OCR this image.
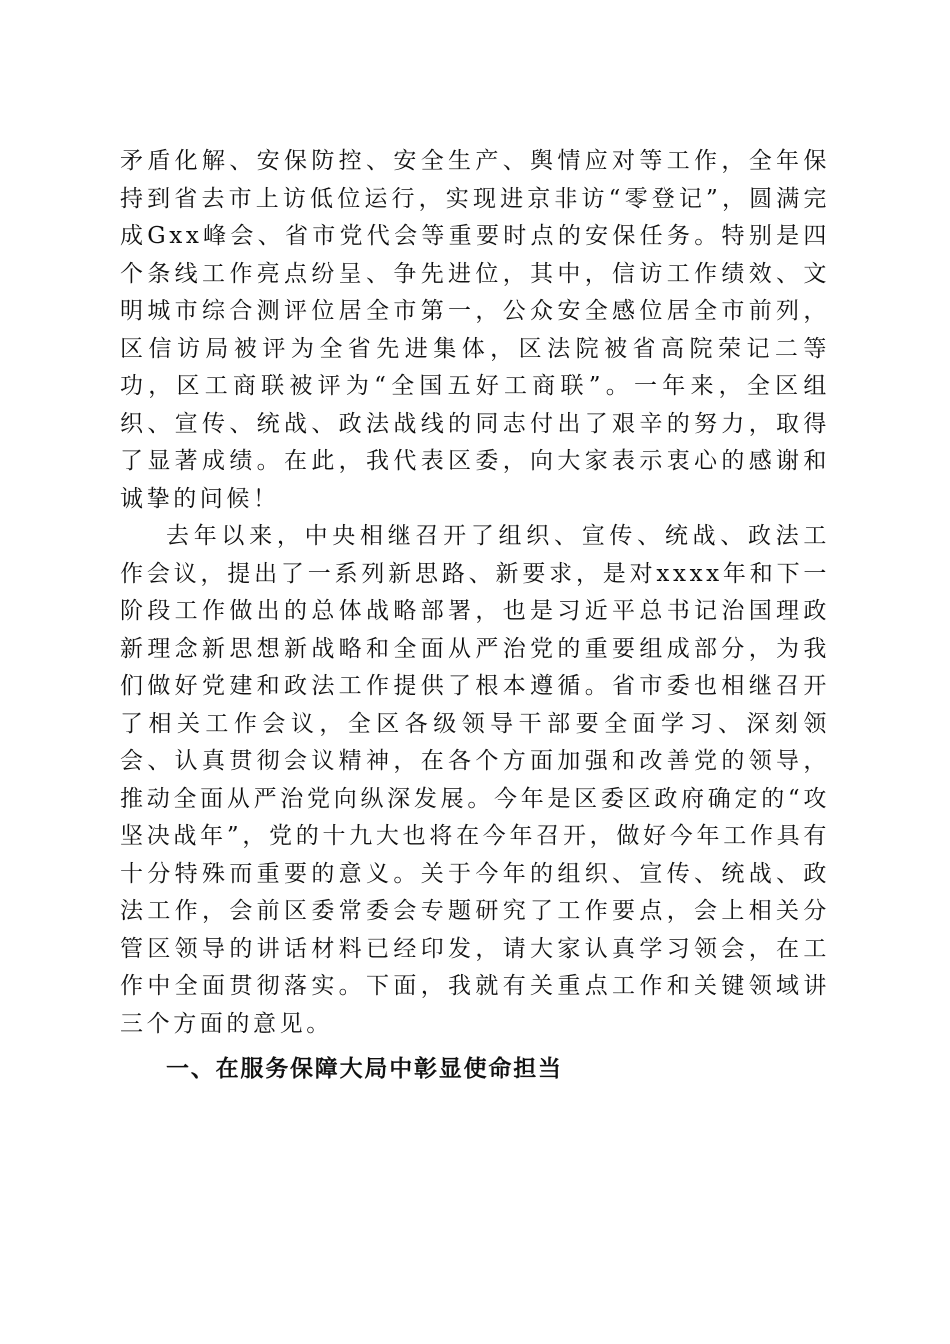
矛盾化解、安保防控、安全生产、舆情应对等工作，全年保持到省去市上访低位运行，实现进京非访“零登记”，圆满完成Gxx峰会、省市党代会等重要时点的安保任务。特别是四个条线工作亮点纷呈、争先进位，其中，信访工作绩效、文明城市综合测评位居全市第一，公众安全感位居全市前列，区信访局被评为全省先进集体，区法院被省高院荣记二等功，区工商联被评为“全国五好工商联”。一年来，全区组织、宣传、统战、政法战线的同志付出了艰辛的努力，取得了显著成绩。在此，我代表区委，向大家表示衷心的感谢和诚挚的问候！

去年以来，中央相继召开了组织、宣传、统战、政法工作会议，提出了一系列新思路、新要求，是对xxxx年和下一阶段工作做出的总体战略部署，也是习近平总书记治国理政新理念新思想新战略和全面从严治党的重要组成部分，为我们做好党建和政法工作提供了根本遵循。省市委也相继召开了相关工作会议，全区各级领导干部要全面学习、深刻领会、认真贯彻会议精神，在各个方面加强和改善党的领导，推动全面从严治党向纵深发展。今年是区委区政府确定的“攻坚决战年”，党的十九大也将在今年召开，做好今年工作具有十分特殊而重要的意义。关于今年的组织、宣传、统战、政法工作，会前区委常委会专题研究了工作要点，会上相关分管区领导的讲话材料已经印发，请大家认真学习领会，在工作中全面贯彻落实。下面，我就有关重点工作和关键领域讲三个方面的意见。

一、在服务保障大局中彰显使命担当
